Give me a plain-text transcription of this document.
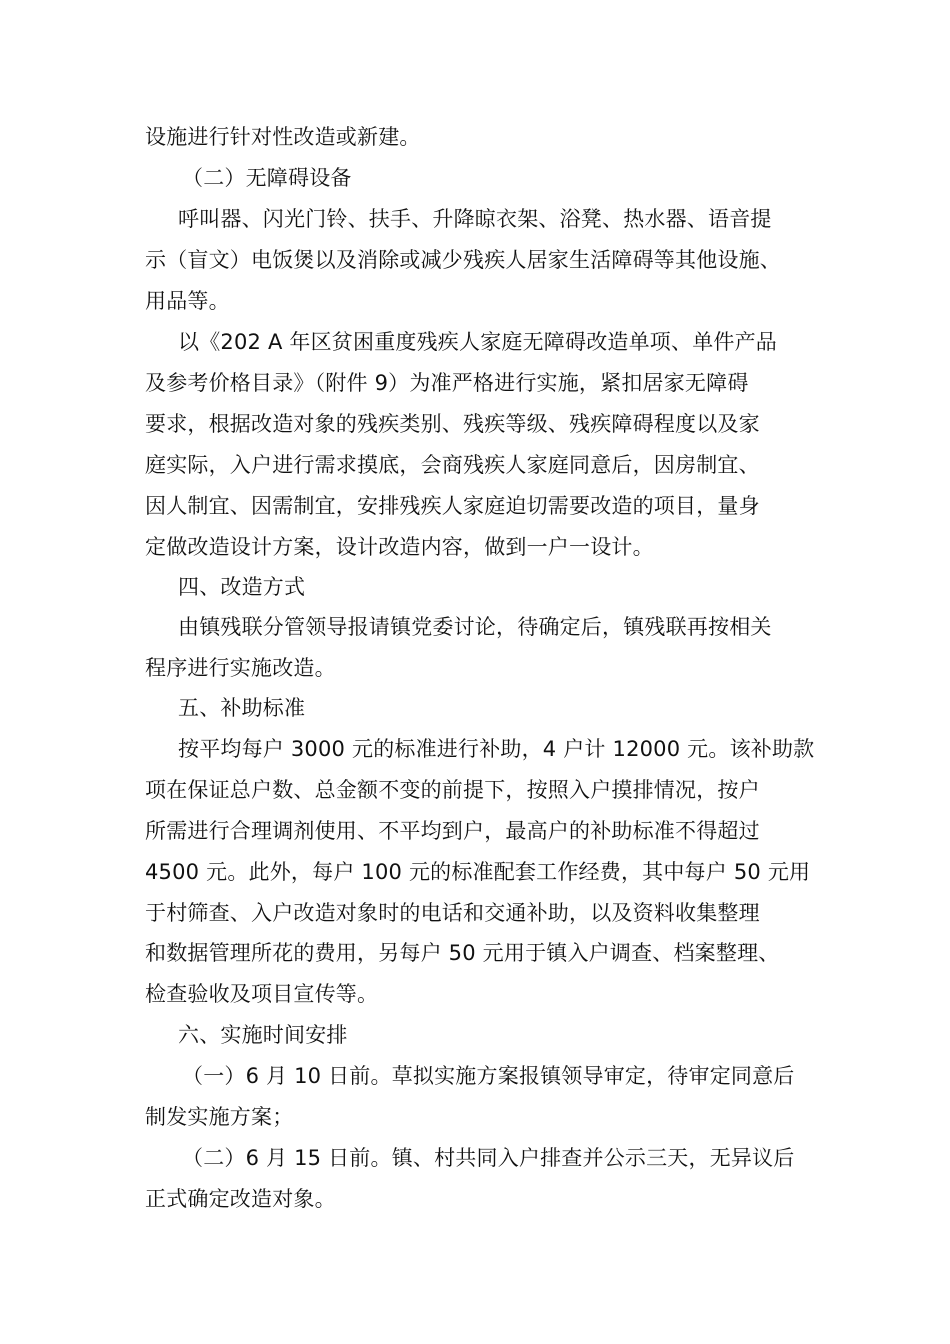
设施进行针对性改造或新建。
（二）无障碍设备
呼叫器、闪光门铃、扶手、升降晾衣架、浴凳、热水器、语音提
示（盲文）电饭煲以及消除或减少残疾人居家生活障碍等其他设施、
用品等。
以《202 A 年区贫困重度残疾人家庭无障碍改造单项、单件产品
及参考价格目录》（附件 9）为准严格进行实施，紧扣居家无障碍
要求，根据改造对象的残疾类别、残疾等级、残疾障碍程度以及家
庭实际，入户进行需求摸底，会商残疾人家庭同意后，因房制宜、
因人制宜、因需制宜，安排残疾人家庭迫切需要改造的项目，量身
定做改造设计方案，设计改造内容，做到一户一设计。
四、改造方式
由镇残联分管领导报请镇党委讨论，待确定后，镇残联再按相关
程序进行实施改造。
五、补助标准
按平均每户 3000 元的标准进行补助，4 户计 12000 元。该补助款
项在保证总户数、总金额不变的前提下，按照入户摸排情况，按户
所需进行合理调剂使用、不平均到户，最高户的补助标准不得超过
4500 元。此外，每户 100 元的标准配套工作经费，其中每户 50 元用
于村筛查、入户改造对象时的电话和交通补助，以及资料收集整理
和数据管理所花的费用，另每户 50 元用于镇入户调查、档案整理、
检查验收及项目宣传等。
六、实施时间安排
（一）6 月 10 日前。草拟实施方案报镇领导审定，待审定同意后
制发实施方案；
（二）6 月 15 日前。镇、村共同入户排查并公示三天，无异议后
正式确定改造对象。
